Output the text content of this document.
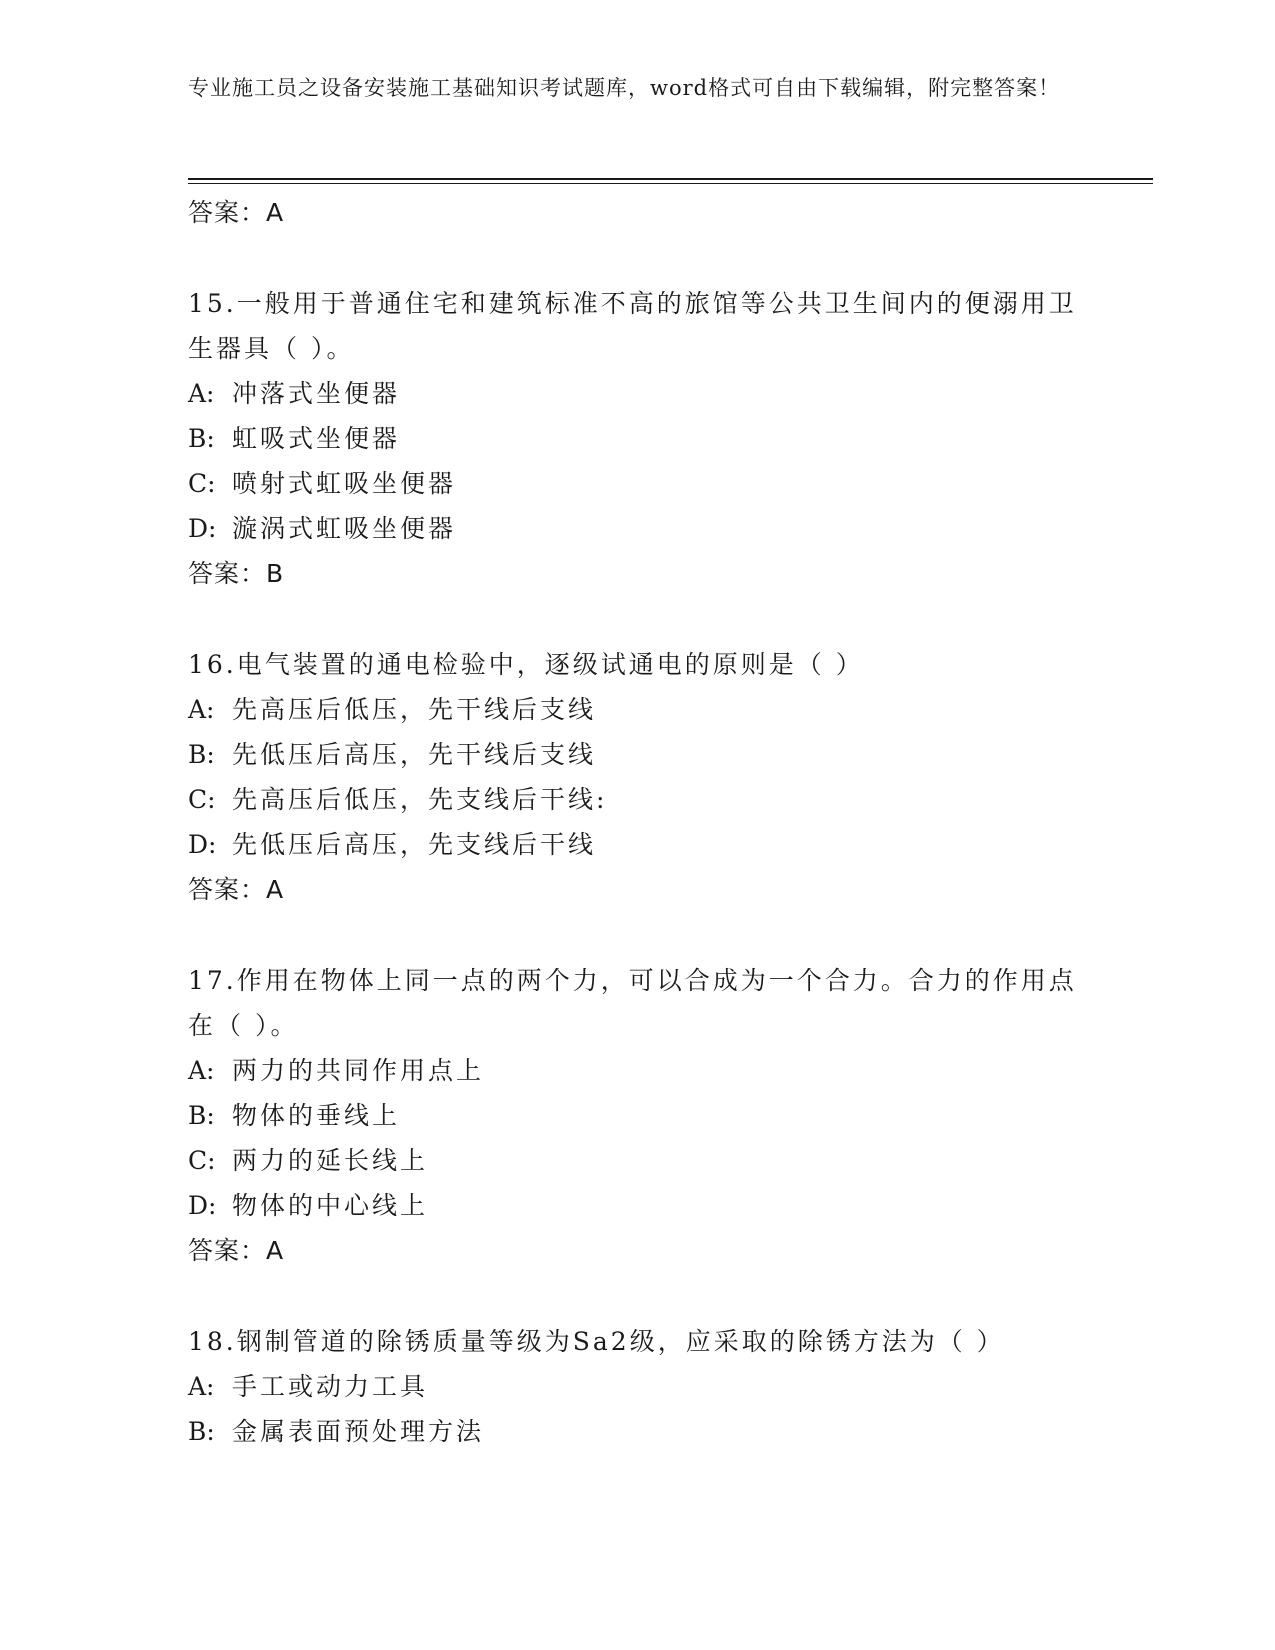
专业施工员之设备安装施工基础知识考试题库，word格式可自由下载编辑，附完整答案！
答案：A
15.一般用于普通住宅和建筑标准不高的旅馆等公共卫生间内的便溺用卫生器具（ ）。
A: 冲落式坐便器
B: 虹吸式坐便器
C: 喷射式虹吸坐便器
D: 漩涡式虹吸坐便器
答案：B
16.电气装置的通电检验中，逐级试通电的原则是（ ）
A: 先高压后低压，先干线后支线
B: 先低压后高压，先干线后支线
C: 先高压后低压，先支线后干线:
D: 先低压后高压，先支线后干线
答案：A
17.作用在物体上同一点的两个力，可以合成为一个合力。合力的作用点在（ ）。
A: 两力的共同作用点上
B: 物体的垂线上
C: 两力的延长线上
D: 物体的中心线上
答案：A
18.钢制管道的除锈质量等级为Sa2级，应采取的除锈方法为（ ）
A: 手工或动力工具
B: 金属表面预处理方法
